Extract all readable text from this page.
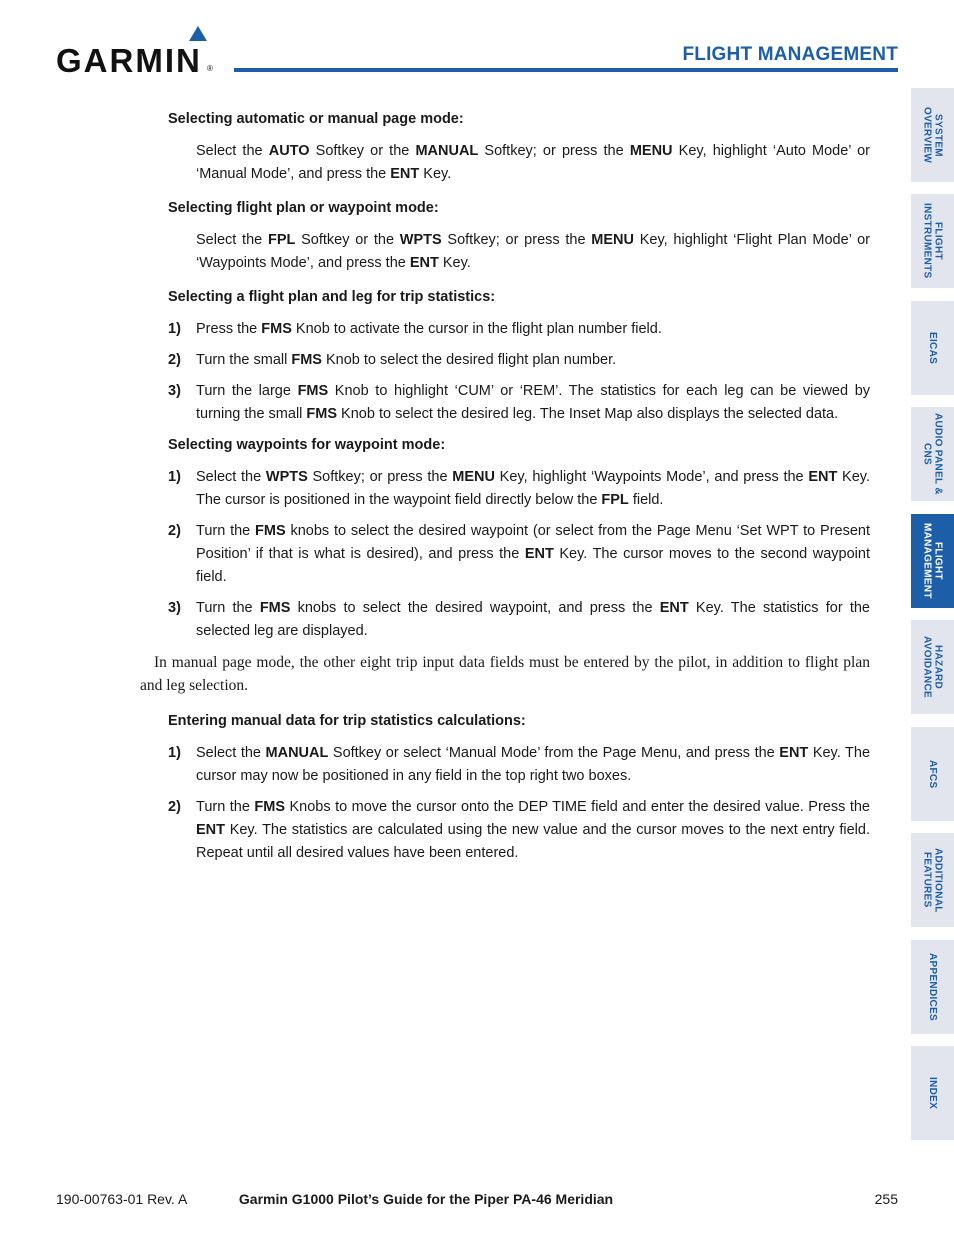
GARMIN ®
FLIGHT MANAGEMENT
Selecting automatic or manual page mode:
Select the AUTO Softkey or the MANUAL Softkey; or press the MENU Key, highlight ‘Auto Mode’ or ‘Manual Mode’, and press the ENT Key.
Selecting flight plan or waypoint mode:
Select the FPL Softkey or the WPTS Softkey; or press the MENU Key, highlight ‘Flight Plan Mode’ or ‘Waypoints Mode’, and press the ENT Key.
Selecting a flight plan and leg for trip statistics:
1)	Press the FMS Knob to activate the cursor in the flight plan number field.
2)	Turn the small FMS Knob to select the desired flight plan number.
3)	Turn the large FMS Knob to highlight ‘CUM’ or ‘REM’. The statistics for each leg can be viewed by turning the small FMS Knob to select the desired leg. The Inset Map also displays the selected data.
Selecting waypoints for waypoint mode:
1)	Select the WPTS Softkey; or press the MENU Key, highlight ‘Waypoints Mode’, and press the ENT Key. The cursor is positioned in the waypoint field directly below the FPL field.
2)	Turn the FMS knobs to select the desired waypoint (or select from the Page Menu ‘Set WPT to Present Position’ if that is what is desired), and press the ENT Key. The cursor moves to the second waypoint field.
3)	Turn the FMS knobs to select the desired waypoint, and press the ENT Key. The statistics for the selected leg are displayed.
In manual page mode, the other eight trip input data fields must be entered by the pilot, in addition to flight plan and leg selection.
Entering manual data for trip statistics calculations:
1)	Select the MANUAL Softkey or select ‘Manual Mode’ from the Page Menu, and press the ENT Key. The cursor may now be positioned in any field in the top right two boxes.
2)	Turn the FMS Knobs to move the cursor onto the DEP TIME field and enter the desired value. Press the ENT Key. The statistics are calculated using the new value and the cursor moves to the next entry field. Repeat until all desired values have been entered.
SYSTEM OVERVIEW
FLIGHT INSTRUMENTS
EICAS
AUDIO PANEL & CNS
FLIGHT MANAGEMENT
HAZARD AVOIDANCE
AFCS
ADDITIONAL FEATURES
APPENDICES
INDEX
190-00763-01 Rev. A	Garmin G1000 Pilot’s Guide for the Piper PA-46 Meridian	255
